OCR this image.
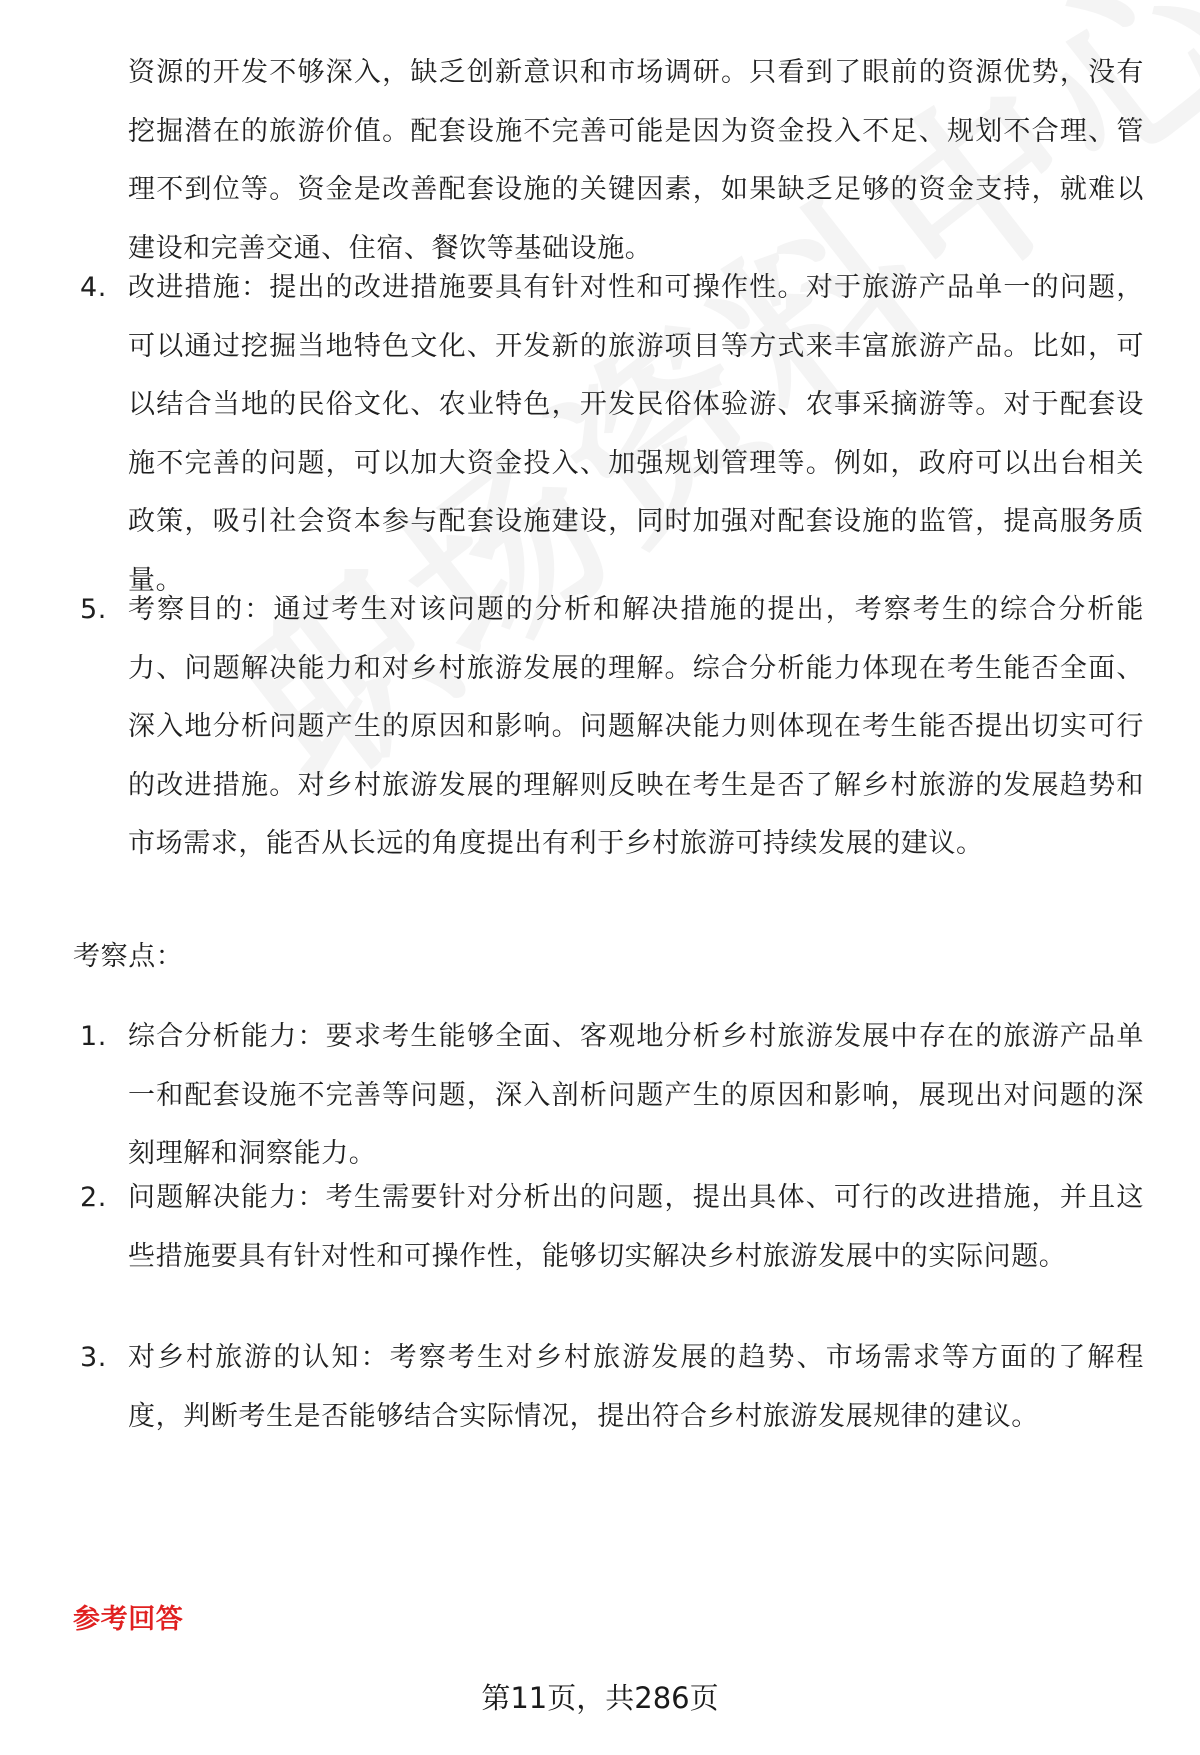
资源的开发不够深入，缺乏创新意识和市场调研。只看到了眼前的资源优势，没有挖掘潜在的旅游价值。配套设施不完善可能是因为资金投入不足、规划不合理、管理不到位等。资金是改善配套设施的关键因素，如果缺乏足够的资金支持，就难以建设和完善交通、住宿、餐饮等基础设施。
4. 改进措施：提出的改进措施要具有针对性和可操作性。对于旅游产品单一的问题，可以通过挖掘当地特色文化、开发新的旅游项目等方式来丰富旅游产品。比如，可以结合当地的民俗文化、农业特色，开发民俗体验游、农事采摘游等。对于配套设施不完善的问题，可以加大资金投入、加强规划管理等。例如，政府可以出台相关政策，吸引社会资本参与配套设施建设，同时加强对配套设施的监管，提高服务质量。
5. 考察目的：通过考生对该问题的分析和解决措施的提出，考察考生的综合分析能力、问题解决能力和对乡村旅游发展的理解。综合分析能力体现在考生能否全面、深入地分析问题产生的原因和影响。问题解决能力则体现在考生能否提出切实可行的改进措施。对乡村旅游发展的理解则反映在考生是否了解乡村旅游的发展趋势和市场需求，能否从长远的角度提出有利于乡村旅游可持续发展的建议。
考察点：
1. 综合分析能力：要求考生能够全面、客观地分析乡村旅游发展中存在的旅游产品单一和配套设施不完善等问题，深入剖析问题产生的原因和影响，展现出对问题的深刻理解和洞察能力。
2. 问题解决能力：考生需要针对分析出的问题，提出具体、可行的改进措施，并且这些措施要具有针对性和可操作性，能够切实解决乡村旅游发展中的实际问题。
3. 对乡村旅游的认知：考察考生对乡村旅游发展的趋势、市场需求等方面的了解程度，判断考生是否能够结合实际情况，提出符合乡村旅游发展规律的建议。
参考回答
第11页，共286页
